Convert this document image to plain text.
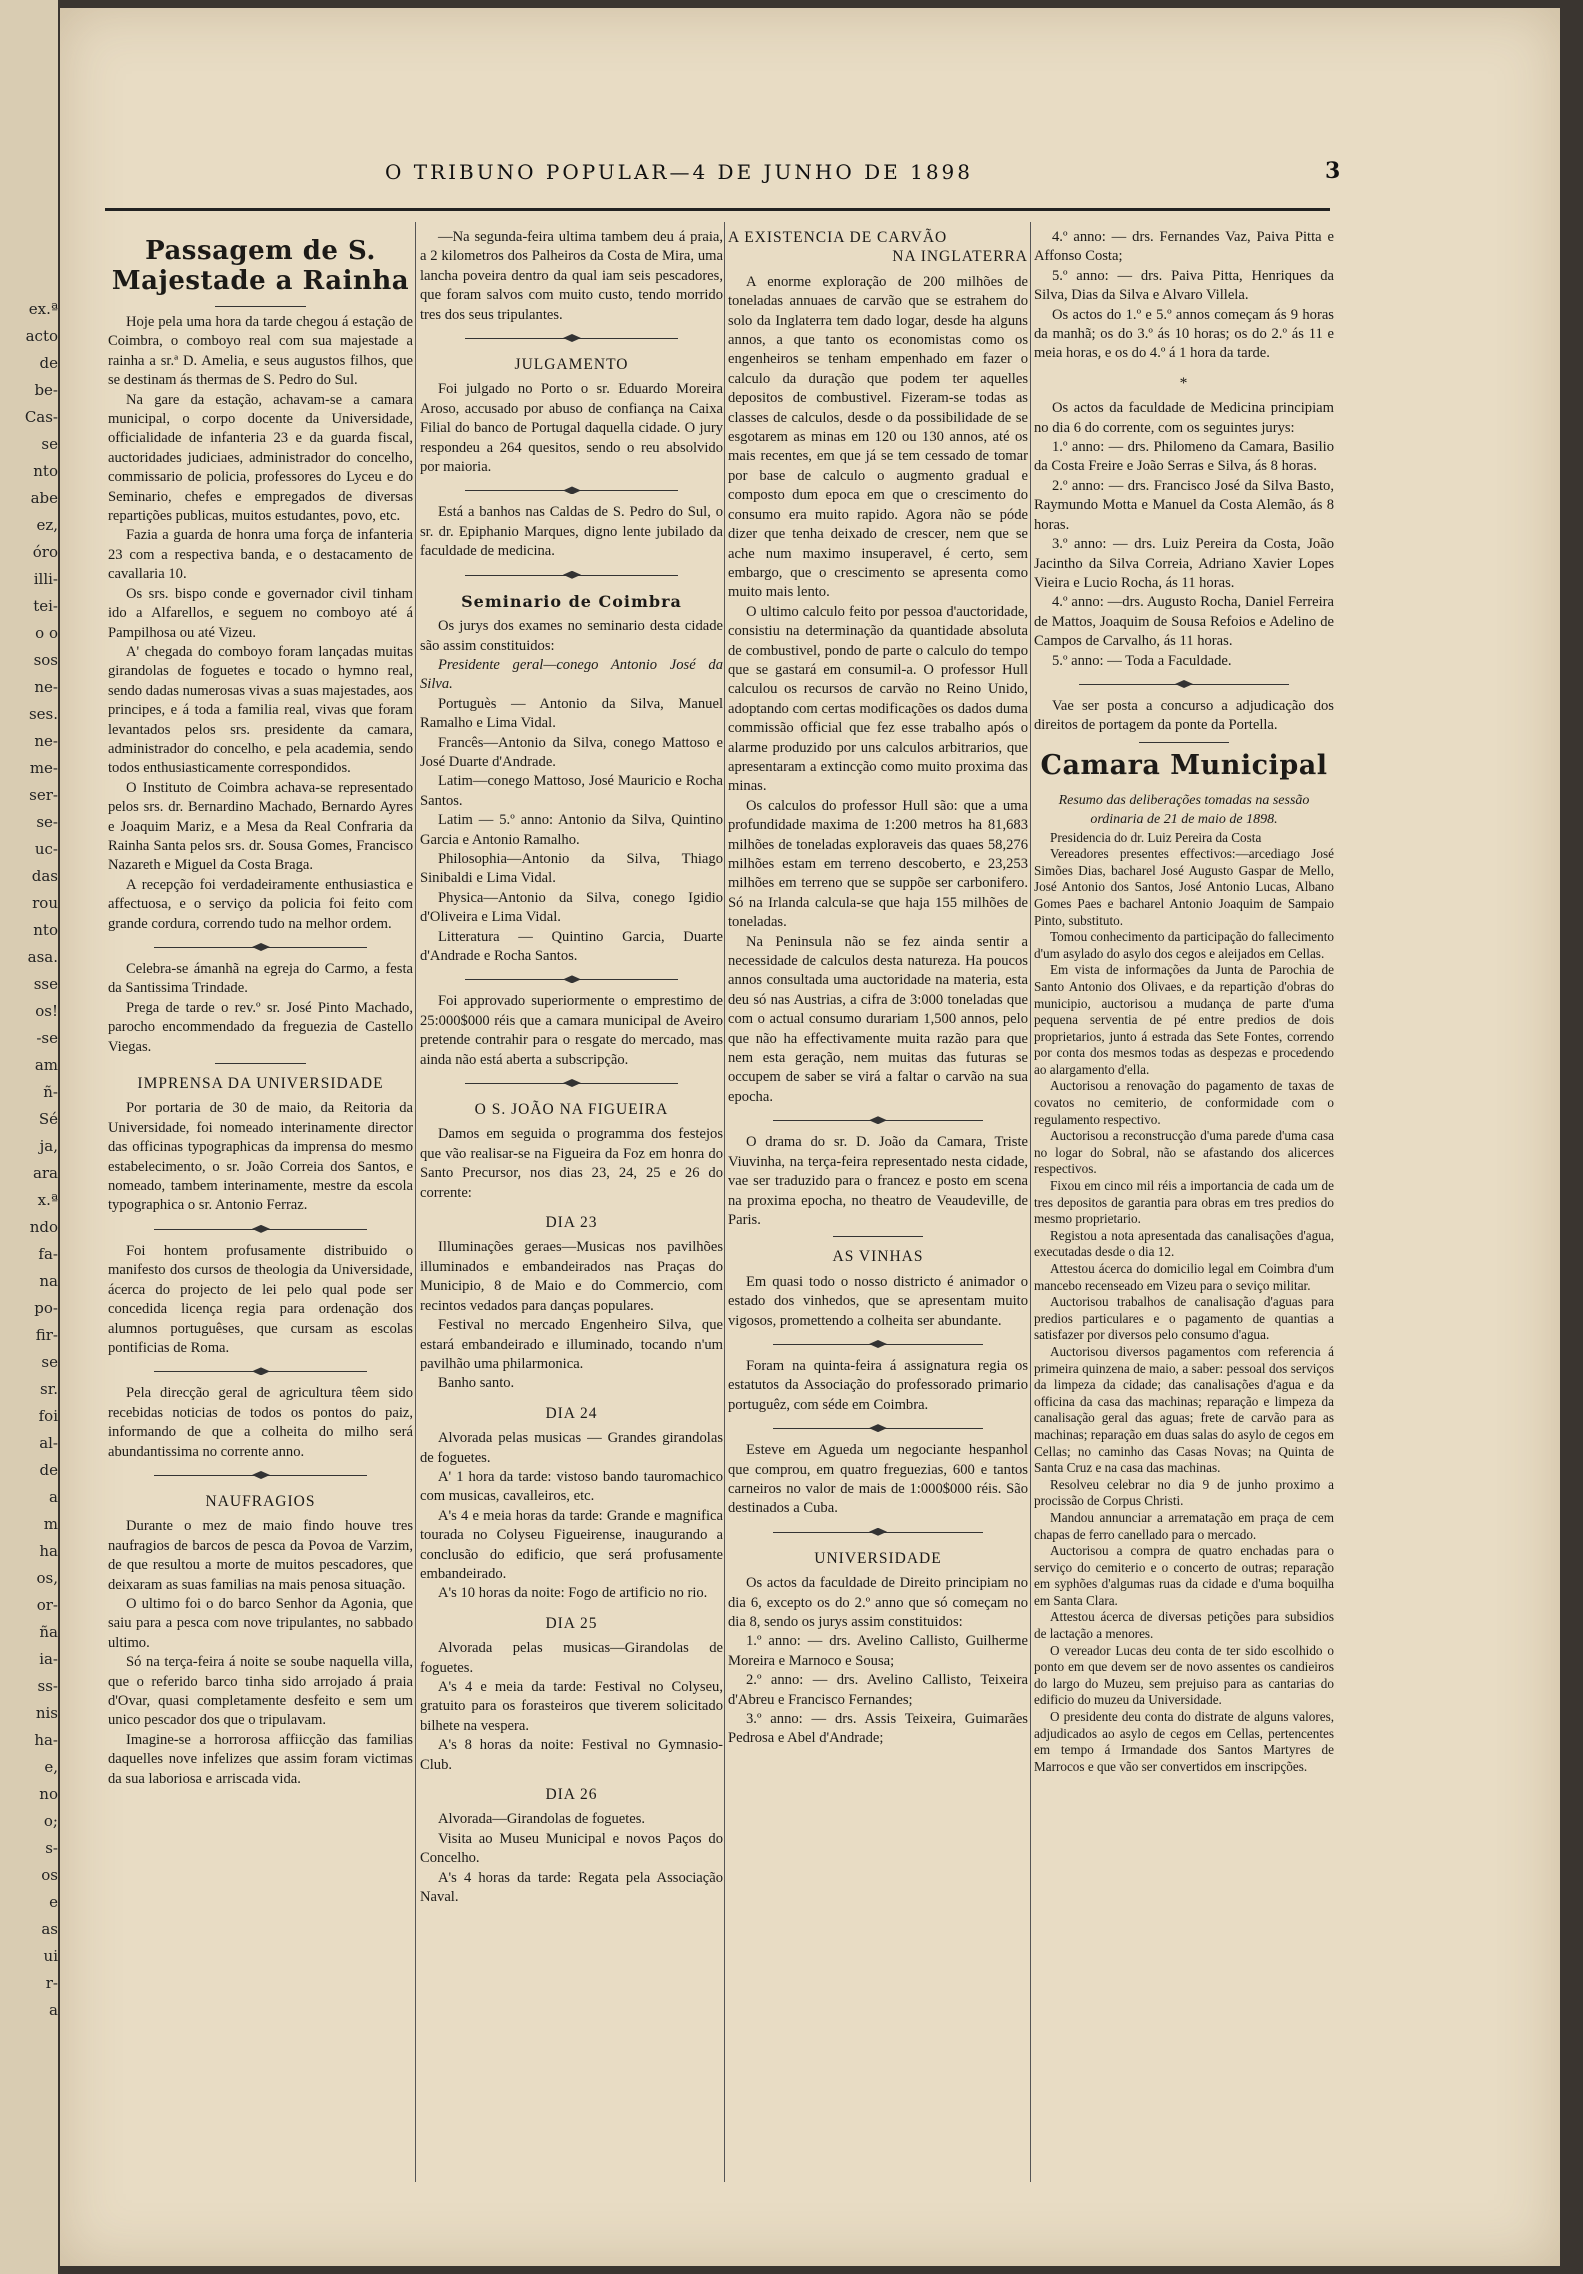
ex.ª
acto
de
be-
Cas-
se
nto
abe
ez,
óro
illi-
tei-
o o
sos
ne-
ses.
ne-
me-
ser-
se-
uc-
das
rou
nto
asa.
sse
os!
-se
am
ñ-
Sé
ja,
ara
x.ª
ndo
fa-
na
po-
fir-
se
sr.
foi
al-
de
a
m
ha
os,
or-
ña
ia-
ss-
nis
ha-
e,
no
o;
s-
os
e
as
ui
r-
a
O TRIBUNO POPULAR—4 DE JUNHO DE 1898	3
Passagem de S. Majestade a Rainha

Hoje pela uma hora da tarde chegou á estação de Coimbra, o comboyo real com sua majestade a rainha a sr.ª D. Amelia, e seus augustos filhos, que se destinam ás thermas de S. Pedro do Sul.

Na gare da estação, achavam-se a camara municipal, o corpo docente da Universidade, officialidade de infanteria 23 e da guarda fiscal, auctoridades judiciaes, administrador do concelho, commissario de policia, professores do Lyceu e do Seminario, chefes e empregados de diversas repartições publicas, muitos estudantes, povo, etc.

Fazia a guarda de honra uma força de infanteria 23 com a respectiva banda, e o destacamento de cavallaria 10.

Os srs. bispo conde e governador civil tinham ido a Alfarellos, e seguem no comboyo até á Pampilhosa ou até Vizeu.

A' chegada do comboyo foram lançadas muitas girandolas de foguetes e tocado o hymno real, sendo dadas numerosas vivas a suas majestades, aos principes, e á toda a familia real, vivas que foram levantados pelos srs. presidente da camara, administrador do concelho, e pela academia, sendo todos enthusiasticamente correspondidos.

O Instituto de Coimbra achava-se representado pelos srs. dr. Bernardino Machado, Bernardo Ayres e Joaquim Mariz, e a Mesa da Real Confraria da Rainha Santa pelos srs. dr. Sousa Gomes, Francisco Nazareth e Miguel da Costa Braga.

A recepção foi verdadeiramente enthusiastica e affectuosa, e o serviço da policia foi feito com grande cordura, correndo tudo na melhor ordem.

Celebra-se ámanhã na egreja do Carmo, a festa da Santissima Trindade.

Prega de tarde o rev.º sr. José Pinto Machado, parocho encommendado da freguezia de Castello Viegas.

IMPRENSA DA UNIVERSIDADE

Por portaria de 30 de maio, da Reitoria da Universidade, foi nomeado interinamente director das officinas typographicas da imprensa do mesmo estabelecimento, o sr. João Correia dos Santos, e nomeado, tambem interinamente, mestre da escola typographica o sr. Antonio Ferraz.

Foi hontem profusamente distribuido o manifesto dos cursos de theologia da Universidade, ácerca do projecto de lei pelo qual pode ser concedida licença regia para ordenação dos alumnos portuguêses, que cursam as escolas pontificias de Roma.

Pela direcção geral de agricultura têem sido recebidas noticias de todos os pontos do paiz, informando de que a colheita do milho será abundantissima no corrente anno.

NAUFRAGIOS

Durante o mez de maio findo houve tres naufragios de barcos de pesca da Povoa de Varzim, de que resultou a morte de muitos pescadores, que deixaram as suas familias na mais penosa situação.

O ultimo foi o do barco Senhor da Agonia, que saiu para a pesca com nove tripulantes, no sabbado ultimo.

Só na terça-feira á noite se soube naquella villa, que o referido barco tinha sido arrojado á praia d'Ovar, quasi completamente desfeito e sem um unico pescador dos que o tripulavam.

Imagine-se a horrorosa affiicção das familias daquelles nove infelizes que assim foram victimas da sua laboriosa e arriscada vida.

—Na segunda-feira ultima tambem deu á praia, a 2 kilometros dos Palheiros da Costa de Mira, uma lancha poveira dentro da qual iam seis pescadores, que foram salvos com muito custo, tendo morrido tres dos seus tripulantes.

JULGAMENTO

Foi julgado no Porto o sr. Eduardo Moreira Aroso, accusado por abuso de confiança na Caixa Filial do banco de Portugal daquella cidade. O jury respondeu a 264 quesitos, sendo o reu absolvido por maioria.

Está a banhos nas Caldas de S. Pedro do Sul, o sr. dr. Epiphanio Marques, digno lente jubilado da faculdade de medicina.

Seminario de Coimbra

Os jurys dos exames no seminario desta cidade são assim constituidos:

Presidente geral—conego Antonio José da Silva.

Portuguès — Antonio da Silva, Manuel Ramalho e Lima Vidal.

Francês—Antonio da Silva, conego Mattoso e José Duarte d'Andrade.

Latim—conego Mattoso, José Mauricio e Rocha Santos.

Latim — 5.º anno: Antonio da Silva, Quintino Garcia e Antonio Ramalho.

Philosophia—Antonio da Silva, Thiago Sinibaldi e Lima Vidal.

Physica—Antonio da Silva, conego Igidio d'Oliveira e Lima Vidal.

Litteratura — Quintino Garcia, Duarte d'Andrade e Rocha Santos.

Foi approvado superiormente o emprestimo de 25:000$000 réis que a camara municipal de Aveiro pretende contrahir para o resgate do mercado, mas ainda não está aberta a subscripção.

O S. JOÃO NA FIGUEIRA

Damos em seguida o programma dos festejos que vão realisar-se na Figueira da Foz em honra do Santo Precursor, nos dias 23, 24, 25 e 26 do corrente:

DIA 23

Illuminações geraes—Musicas nos pavilhões illuminados e embandeirados nas Praças do Municipio, 8 de Maio e do Commercio, com recintos vedados para danças populares.

Festival no mercado Engenheiro Silva, que estará embandeirado e illuminado, tocando n'um pavilhão uma philarmonica.

Banho santo.

DIA 24

Alvorada pelas musicas — Grandes girandolas de foguetes.

A' 1 hora da tarde: vistoso bando tauromachico com musicas, cavalleiros, etc.

A's 4 e meia horas da tarde: Grande e magnifica tourada no Colyseu Figueirense, inaugurando a conclusão do edificio, que será profusamente embandeirado.

A's 10 horas da noite: Fogo de artificio no rio.

DIA 25

Alvorada pelas musicas—Girandolas de foguetes.

A's 4 e meia da tarde: Festival no Colyseu, gratuito para os forasteiros que tiverem solicitado bilhete na vespera.

A's 8 horas da noite: Festival no Gymnasio-Club.

DIA 26

Alvorada—Girandolas de foguetes.

Visita ao Museu Municipal e novos Paços do Concelho.

A's 4 horas da tarde: Regata pela Associação Naval.

A EXISTENCIA DE CARVÃO
NA INGLATERRA

A enorme exploração de 200 milhões de toneladas annuaes de carvão que se estrahem do solo da Inglaterra tem dado logar, desde ha alguns annos, a que tanto os economistas como os engenheiros se tenham empenhado em fazer o calculo da duração que podem ter aquelles depositos de combustivel. Fizeram-se todas as classes de calculos, desde o da possibilidade de se esgotarem as minas em 120 ou 130 annos, até os mais recentes, em que já se tem cessado de tomar por base de calculo o augmento gradual e composto dum epoca em que o crescimento do consumo era muito rapido. Agora não se póde dizer que tenha deixado de crescer, nem que se ache num maximo insuperavel, é certo, sem embargo, que o crescimento se apresenta como muito mais lento.

O ultimo calculo feito por pessoa d'auctoridade, consistiu na determinação da quantidade absoluta de combustivel, pondo de parte o calculo do tempo que se gastará em consumil-a. O professor Hull calculou os recursos de carvão no Reino Unido, adoptando com certas modificações os dados duma commissão official que fez esse trabalho após o alarme produzido por uns calculos arbitrarios, que apresentaram a extincção como muito proxima das minas.

Os calculos do professor Hull são: que a uma profundidade maxima de 1:200 metros ha 81,683 milhões de toneladas exploraveis das quaes 58,276 milhões estam em terreno descoberto, e 23,253 milhões em terreno que se suppõe ser carbonifero. Só na Irlanda calcula-se que haja 155 milhões de toneladas.

Na Peninsula não se fez ainda sentir a necessidade de calculos desta natureza. Ha poucos annos consultada uma auctoridade na materia, esta deu só nas Austrias, a cifra de 3:000 toneladas que com o actual consumo durariam 1,500 annos, pelo que não ha effectivamente muita razão para que nem esta geração, nem muitas das futuras se occupem de saber se virá a faltar o carvão na sua epocha.

O drama do sr. D. João da Camara, Triste Viuvinha, na terça-feira representado nesta cidade, vae ser traduzido para o francez e posto em scena na proxima epocha, no theatro de Veaudeville, de Paris.

AS VINHAS

Em quasi todo o nosso districto é animador o estado dos vinhedos, que se apresentam muito vigosos, promettendo a colheita ser abundante.

Foram na quinta-feira á assignatura regia os estatutos da Associação do professorado primario portuguêz, com séde em Coimbra.

Esteve em Agueda um negociante hespanhol que comprou, em quatro freguezias, 600 e tantos carneiros no valor de mais de 1:000$000 réis. São destinados a Cuba.

UNIVERSIDADE

Os actos da faculdade de Direito principiam no dia 6, excepto os do 2.º anno que só começam no dia 8, sendo os jurys assim constituidos:

1.º anno: — drs. Avelino Callisto, Guilherme Moreira e Marnoco e Sousa;

2.º anno: — drs. Avelino Callisto, Teixeira d'Abreu e Francisco Fernandes;

3.º anno: — drs. Assis Teixeira, Guimarães Pedrosa e Abel d'Andrade;

4.º anno: — drs. Fernandes Vaz, Paiva Pitta e Affonso Costa;

5.º anno: — drs. Paiva Pitta, Henriques da Silva, Dias da Silva e Alvaro Villela.

Os actos do 1.º e 5.º annos começam ás 9 horas da manhã; os do 3.º ás 10 horas; os do 2.º ás 11 e meia horas, e os do 4.º á 1 hora da tarde.

*

Os actos da faculdade de Medicina principiam no dia 6 do corrente, com os seguintes jurys:

1.º anno: — drs. Philomeno da Camara, Basilio da Costa Freire e João Serras e Silva, ás 8 horas.

2.º anno: — drs. Francisco José da Silva Basto, Raymundo Motta e Manuel da Costa Alemão, ás 8 horas.

3.º anno: — drs. Luiz Pereira da Costa, João Jacintho da Silva Correia, Adriano Xavier Lopes Vieira e Lucio Rocha, ás 11 horas.

4.º anno: —drs. Augusto Rocha, Daniel Ferreira de Mattos, Joaquim de Sousa Refoios e Adelino de Campos de Carvalho, ás 11 horas.

5.º anno: — Toda a Faculdade.

Vae ser posta a concurso a adjudicação dos direitos de portagem da ponte da Portella.

Camara Municipal

Resumo das deliberações tomadas na sessão ordinaria de 21 de maio de 1898.

Presidencia do dr. Luiz Pereira da Costa

Vereadores presentes effectivos:—arcediago José Simões Dias, bacharel José Augusto Gaspar de Mello, José Antonio dos Santos, José Antonio Lucas, Albano Gomes Paes e bacharel Antonio Joaquim de Sampaio Pinto, substituto.

Tomou conhecimento da participação do fallecimento d'um asylado do asylo dos cegos e aleijados em Cellas.

Em vista de informações da Junta de Parochia de Santo Antonio dos Olivaes, e da repartição d'obras do municipio, auctorisou a mudança de parte d'uma pequena serventia de pé entre predios de dois proprietarios, junto á estrada das Sete Fontes, correndo por conta dos mesmos todas as despezas e procedendo ao alargamento d'ella.

Auctorisou a renovação do pagamento de taxas de covatos no cemiterio, de conformidade com o regulamento respectivo.

Auctorisou a reconstrucção d'uma parede d'uma casa no logar do Sobral, não se afastando dos alicerces respectivos.

Fixou em cinco mil réis a importancia de cada um de tres depositos de garantia para obras em tres predios do mesmo proprietario.

Registou a nota apresentada das canalisações d'agua, executadas desde o dia 12.

Attestou ácerca do domicilio legal em Coimbra d'um mancebo recenseado em Vizeu para o seviço militar.

Auctorisou trabalhos de canalisação d'aguas para predios particulares e o pagamento de quantias a satisfazer por diversos pelo consumo d'agua.

Auctorisou diversos pagamentos com referencia á primeira quinzena de maio, a saber: pessoal dos serviços da limpeza da cidade; das canalisações d'agua e da officina da casa das machinas; reparação e limpeza da canalisação geral das aguas; frete de carvão para as machinas; reparação em duas salas do asylo de cegos em Cellas; no caminho das Casas Novas; na Quinta de Santa Cruz e na casa das machinas.

Resolveu celebrar no dia 9 de junho proximo a procissão de Corpus Christi.

Mandou annunciar a arrematação em praça de cem chapas de ferro canellado para o mercado.

Auctorisou a compra de quatro enchadas para o serviço do cemiterio e o concerto de outras; reparação em syphões d'algumas ruas da cidade e d'uma boquilha em Santa Clara.

Attestou ácerca de diversas petições para subsidios de lactação a menores.

O vereador Lucas deu conta de ter sido escolhido o ponto em que devem ser de novo assentes os candieiros do largo do Muzeu, sem prejuiso para as cantarias do edificio do muzeu da Universidade.

O presidente deu conta do distrate de alguns valores, adjudicados ao asylo de cegos em Cellas, pertencentes em tempo á Irmandade dos Santos Martyres de Marrocos e que vão ser convertidos em inscripções.
